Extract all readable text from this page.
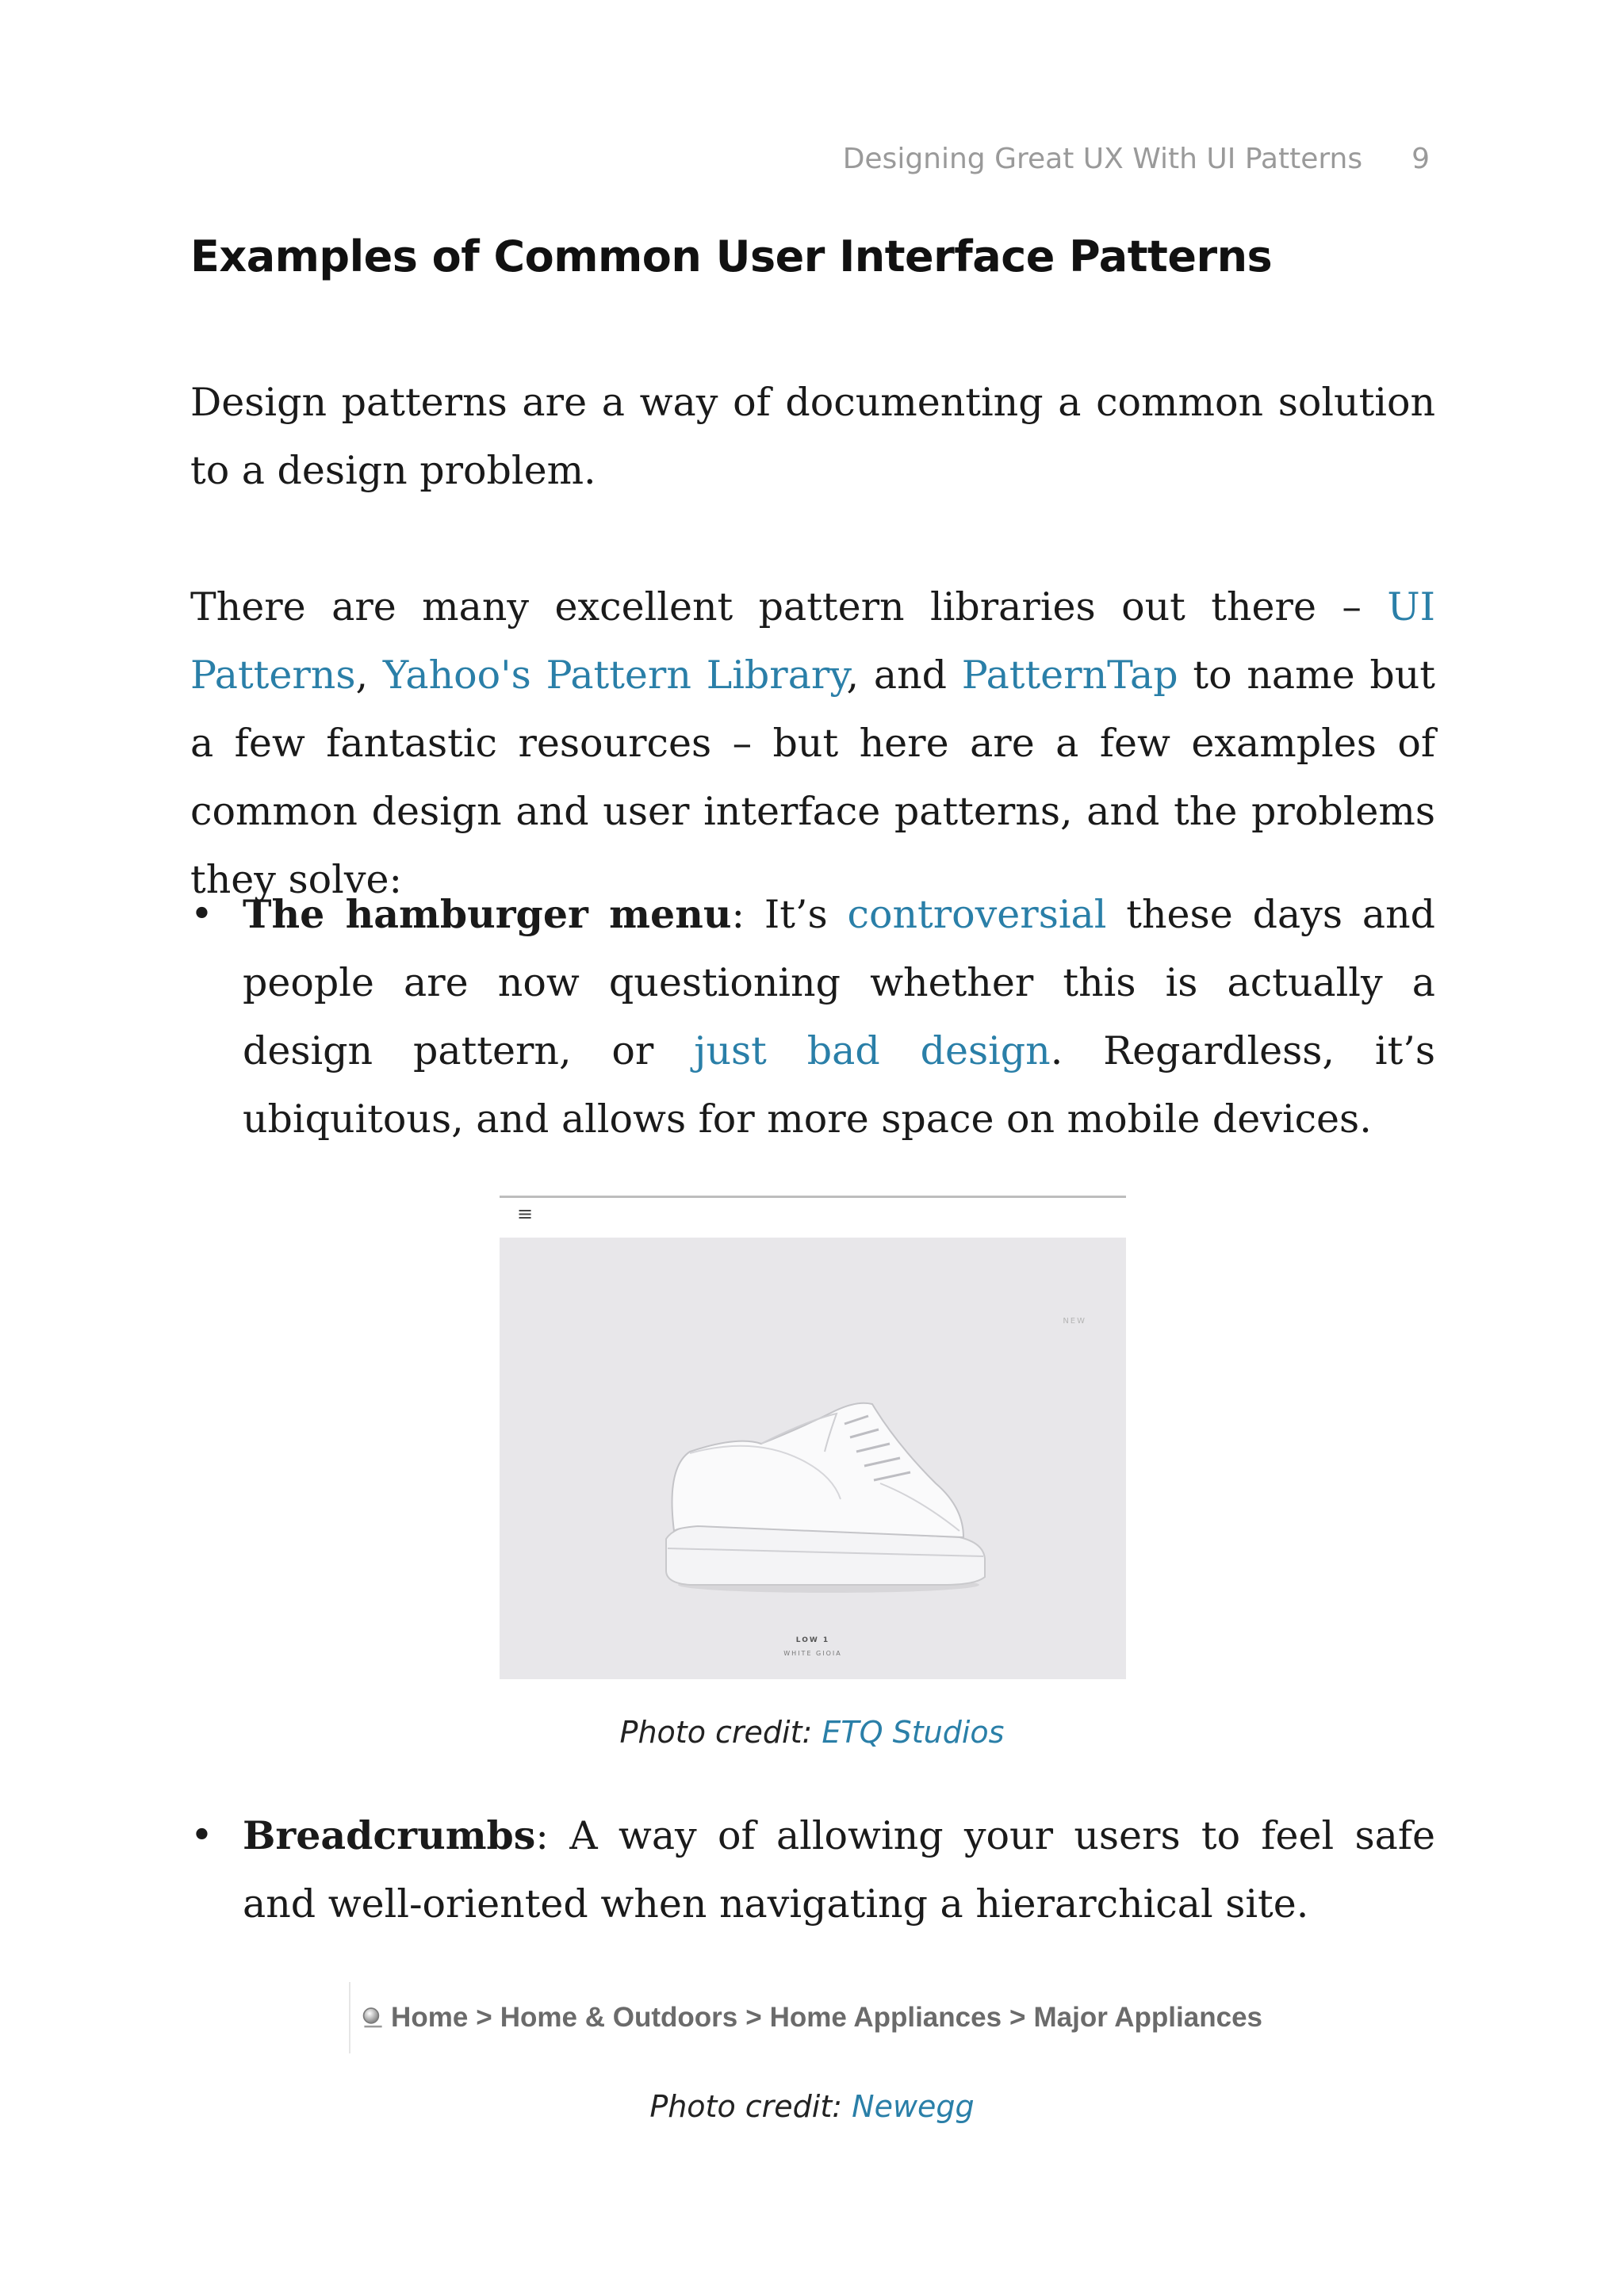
Designing Great UX With UI Patterns 9
Examples of Common User Interface Patterns

Design patterns are a way of documenting a common solution to a design problem.

There are many excellent pattern libraries out there – UI Patterns, Yahoo's Pattern Library, and PatternTap to name but a few fantastic resources – but here are a few examples of common design and user interface patterns, and the problems they solve:

• The hamburger menu: It’s controversial these days and people are now questioning whether this is actually a design pattern, or just bad design. Regardless, it’s ubiquitous, and allows for more space on mobile devices.
• Breadcrumbs: A way of allowing your users to feel safe and well-oriented when navigating a hierarchical site.
≡
NEW
LOW 1
WHITE GIOIA
Photo credit: ETQ Studios
Home > Home & Outdoors > Home Appliances > Major Appliances
Photo credit: Newegg
